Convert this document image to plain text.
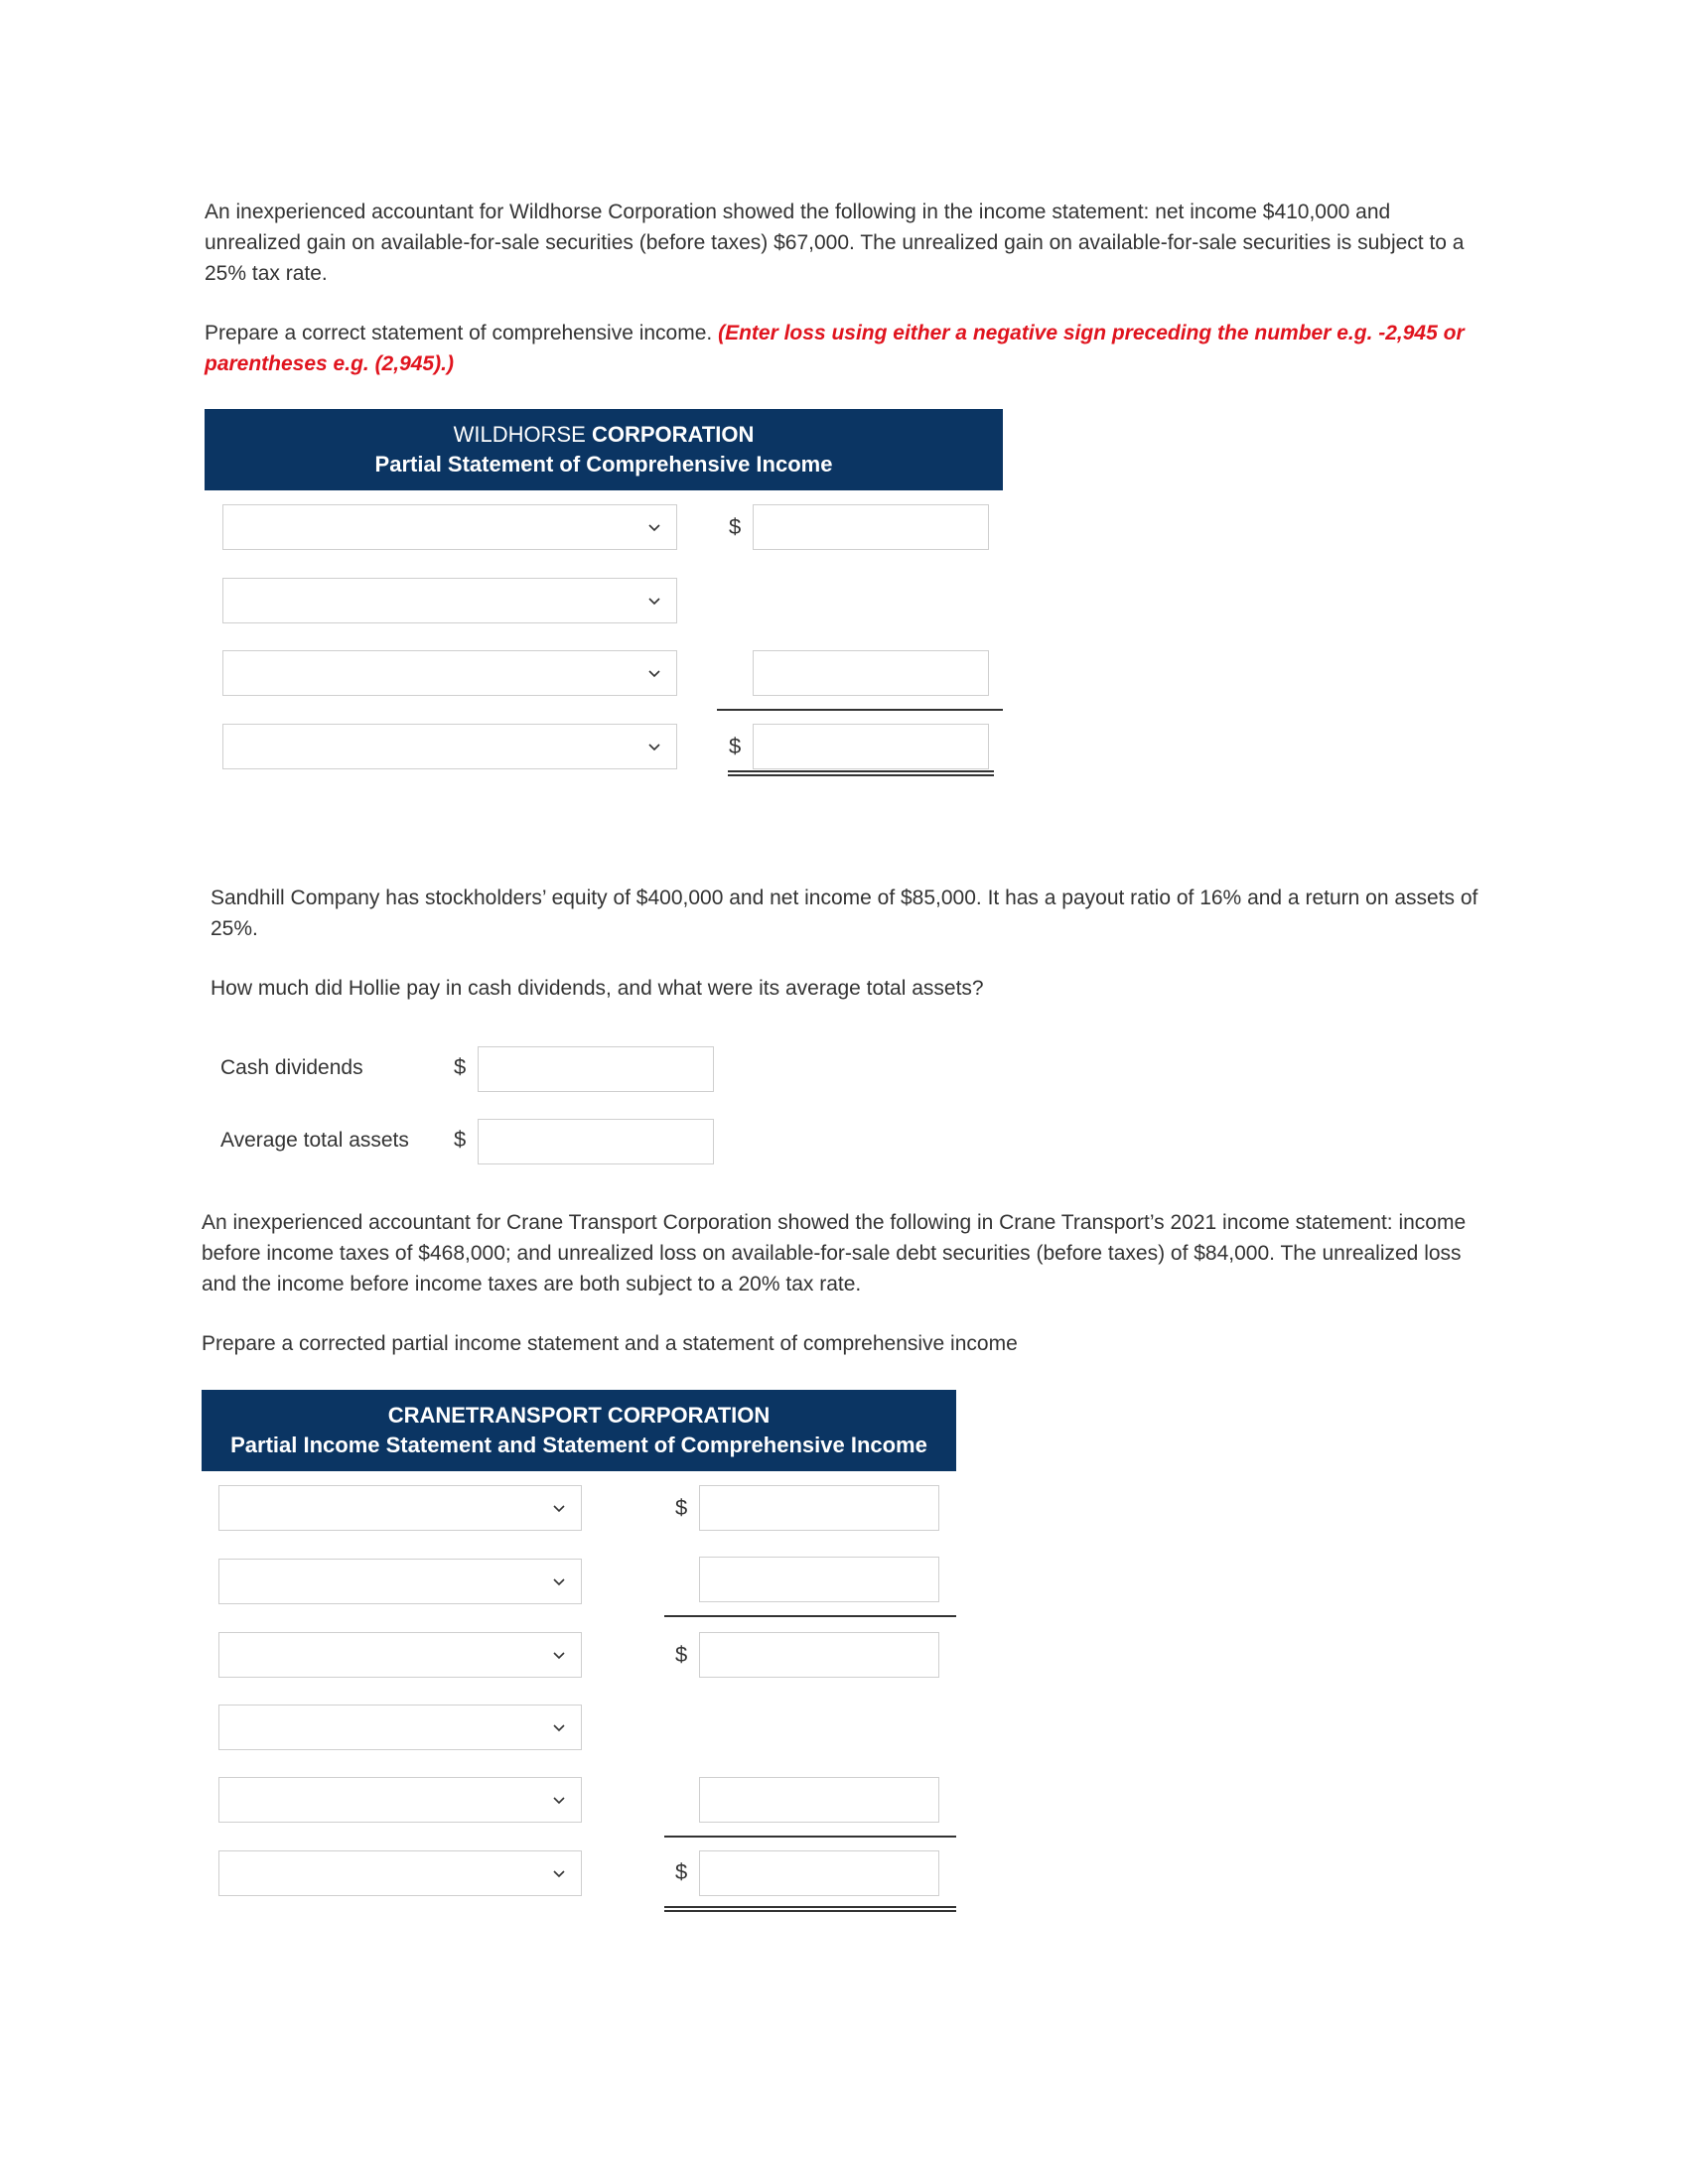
An inexperienced accountant for Wildhorse Corporation showed the following in the income statement: net income $410,000 and unrealized gain on available-for-sale securities (before taxes) $67,000. The unrealized gain on available-for-sale securities is subject to a 25% tax rate.

Prepare a correct statement of comprehensive income. (Enter loss using either a negative sign preceding the number e.g. -2,945 or parentheses e.g. (2,945).)

WILDHORSE CORPORATION
Partial Statement of Comprehensive Income
$
$

Sandhill Company has stockholders’ equity of $400,000 and net income of $85,000. It has a payout ratio of 16% and a return on assets of 25%.

How much did Hollie pay in cash dividends, and what were its average total assets?

Cash dividends	$
Average total assets $

An inexperienced accountant for Crane Transport Corporation showed the following in Crane Transport’s 2021 income statement: income before income taxes of $468,000; and unrealized loss on available-for-sale debt securities (before taxes) of $84,000. The unrealized loss and the income before income taxes are both subject to a 20% tax rate.

Prepare a corrected partial income statement and a statement of comprehensive income

CRANETRANSPORT CORPORATION
Partial Income Statement and Statement of Comprehensive Income
$
$
$
